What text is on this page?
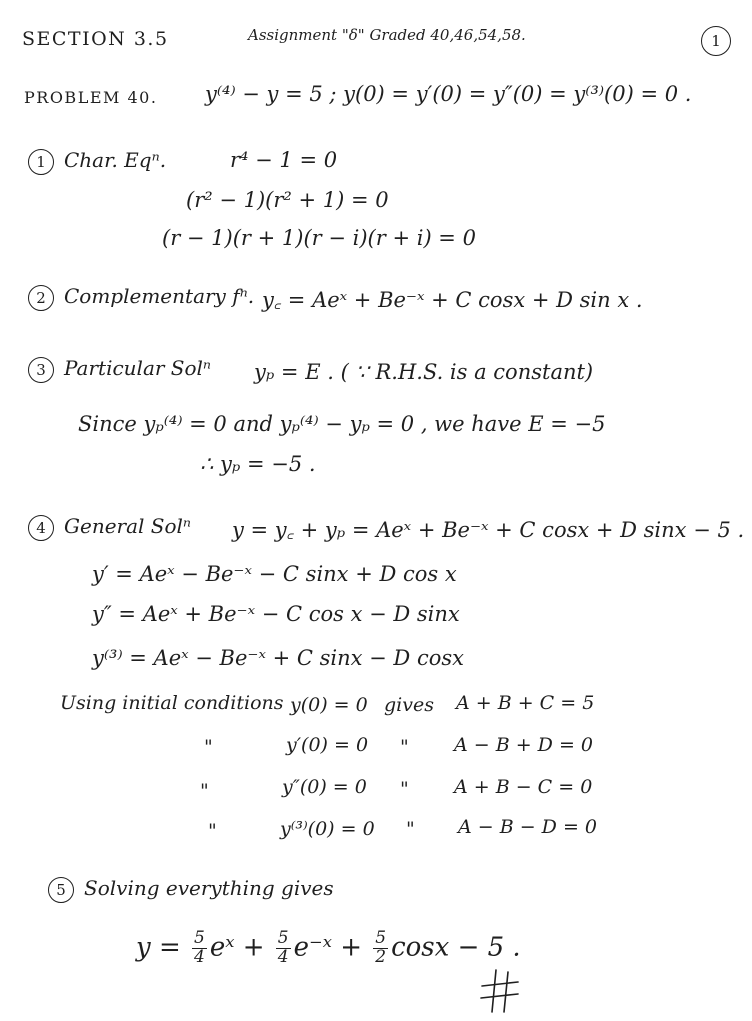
SECTION 3.5	Assignment "δ" Graded 40,46,54,58.	1
PROBLEM 40. y⁽⁴⁾ − y = 5 ; y(0) = y′(0) = y″(0) = y⁽³⁾(0) = 0 .
1 Char. Eqⁿ.	r⁴ − 1 = 0
(r² − 1)(r² + 1) = 0
(r − 1)(r + 1)(r − i)(r + i) = 0
2 Complementary fⁿ. y꜀ = Aeˣ + Be⁻ˣ + C cosx + D sin x .
3 Particular Solⁿ yₚ = E . ( ∵ R.H.S. is a constant)
Since yₚ⁽⁴⁾ = 0 and yₚ⁽⁴⁾ − yₚ = 0 , we have E = −5
∴ yₚ = −5 .
4 General Solⁿ y = y꜀ + yₚ = Aeˣ + Be⁻ˣ + C cosx + D sinx − 5 .
y′ = Aeˣ − Be⁻ˣ − C sinx + D cos x
y″ = Aeˣ + Be⁻ˣ − C cos x − D sinx
y⁽³⁾ = Aeˣ − Be⁻ˣ + C sinx − D cosx
Using initial conditions y(0) = 0 gives A + B + C = 5
"	y′(0) = 0 " A − B + D = 0
"	y″(0) = 0 " A + B − C = 0
"	y⁽³⁾(0) = 0 " A − B − D = 0
5 Solving everything gives
$y = \frac{5}{4}$ eˣ + $\frac{5}{4}$ e⁻ˣ + $\frac{5}{2}$ cosx − 5 .
